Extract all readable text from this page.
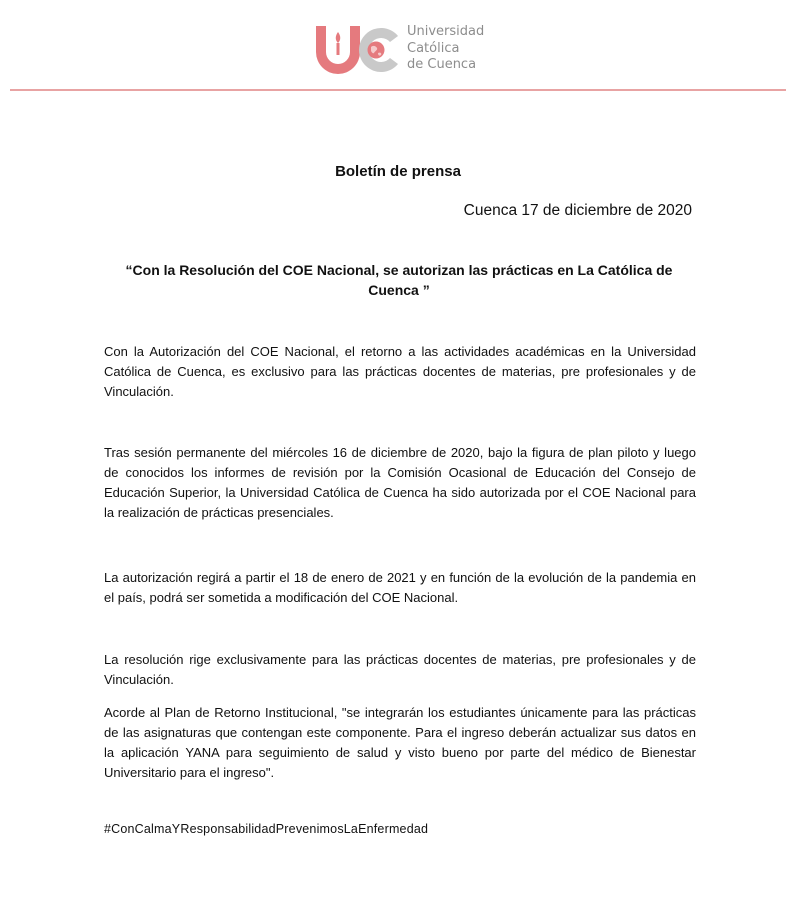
Universidad
Católica
de Cuenca
Boletín de prensa
Cuenca 17 de diciembre de 2020
“Con la Resolución del COE Nacional, se autorizan las prácticas en La Católica de Cuenca ”

Con la Autorización del COE Nacional, el retorno a las actividades académicas en la Universidad Católica de Cuenca, es exclusivo para las prácticas docentes de materias, pre profesionales y de Vinculación.

Tras sesión permanente del miércoles 16 de diciembre de 2020, bajo la figura de plan piloto y luego de conocidos los informes de revisión por la Comisión Ocasional de Educación del Consejo de Educación Superior, la Universidad Católica de Cuenca ha sido autorizada por el COE Nacional para la realización de prácticas presenciales.

La autorización regirá a partir el 18 de enero de 2021 y en función de la evolución de la pandemia en el país, podrá ser sometida a modificación del COE Nacional.

La resolución rige exclusivamente para las prácticas docentes de materias, pre profesionales y de Vinculación.

Acorde al Plan de Retorno Institucional, "se integrarán los estudiantes únicamente para las prácticas de las asignaturas que contengan este componente. Para el ingreso deberán actualizar sus datos en la aplicación YANA para seguimiento de salud y visto bueno por parte del médico de Bienestar Universitario para el ingreso".

#ConCalmaYResponsabilidadPrevenimosLaEnfermedad
